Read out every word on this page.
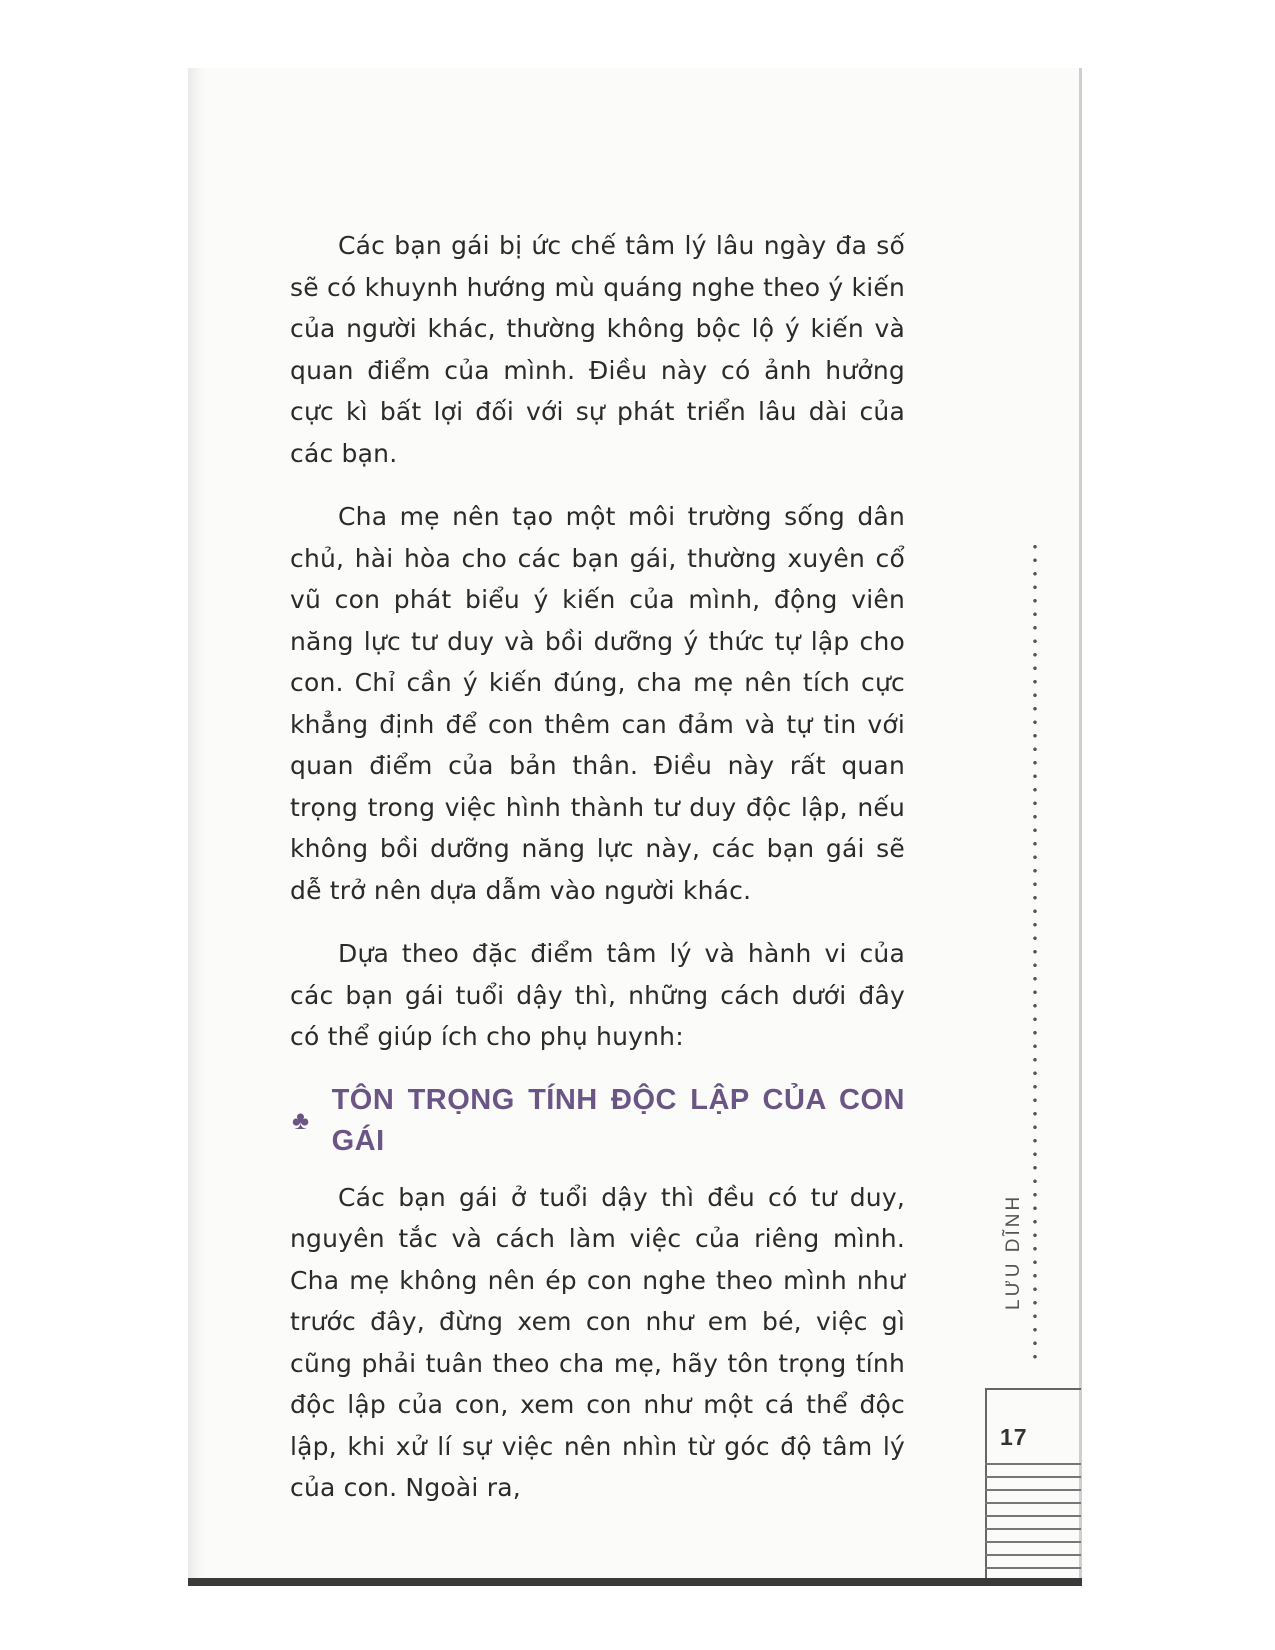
Các bạn gái bị ức chế tâm lý lâu ngày đa số sẽ có khuynh hướng mù quáng nghe theo ý kiến của người khác, thường không bộc lộ ý kiến và quan điểm của mình. Điều này có ảnh hưởng cực kì bất lợi đối với sự phát triển lâu dài của các bạn.

Cha mẹ nên tạo một môi trường sống dân chủ, hài hòa cho các bạn gái, thường xuyên cổ vũ con phát biểu ý kiến của mình, động viên năng lực tư duy và bồi dưỡng ý thức tự lập cho con. Chỉ cần ý kiến đúng, cha mẹ nên tích cực khẳng định để con thêm can đảm và tự tin với quan điểm của bản thân. Điều này rất quan trọng trong việc hình thành tư duy độc lập, nếu không bồi dưỡng năng lực này, các bạn gái sẽ dễ trở nên dựa dẫm vào người khác.

Dựa theo đặc điểm tâm lý và hành vi của các bạn gái tuổi dậy thì, những cách dưới đây có thể giúp ích cho phụ huynh:

♣
TÔN TRỌNG TÍNH ĐỘC LẬP CỦA CON GÁI

Các bạn gái ở tuổi dậy thì đều có tư duy, nguyên tắc và cách làm việc của riêng mình. Cha mẹ không nên ép con nghe theo mình như trước đây, đừng xem con như em bé, việc gì cũng phải tuân theo cha mẹ, hãy tôn trọng tính độc lập của con, xem con như một cá thể độc lập, khi xử lí sự việc nên nhìn từ góc độ tâm lý của con. Ngoài ra,

LƯU DĨNH
17
